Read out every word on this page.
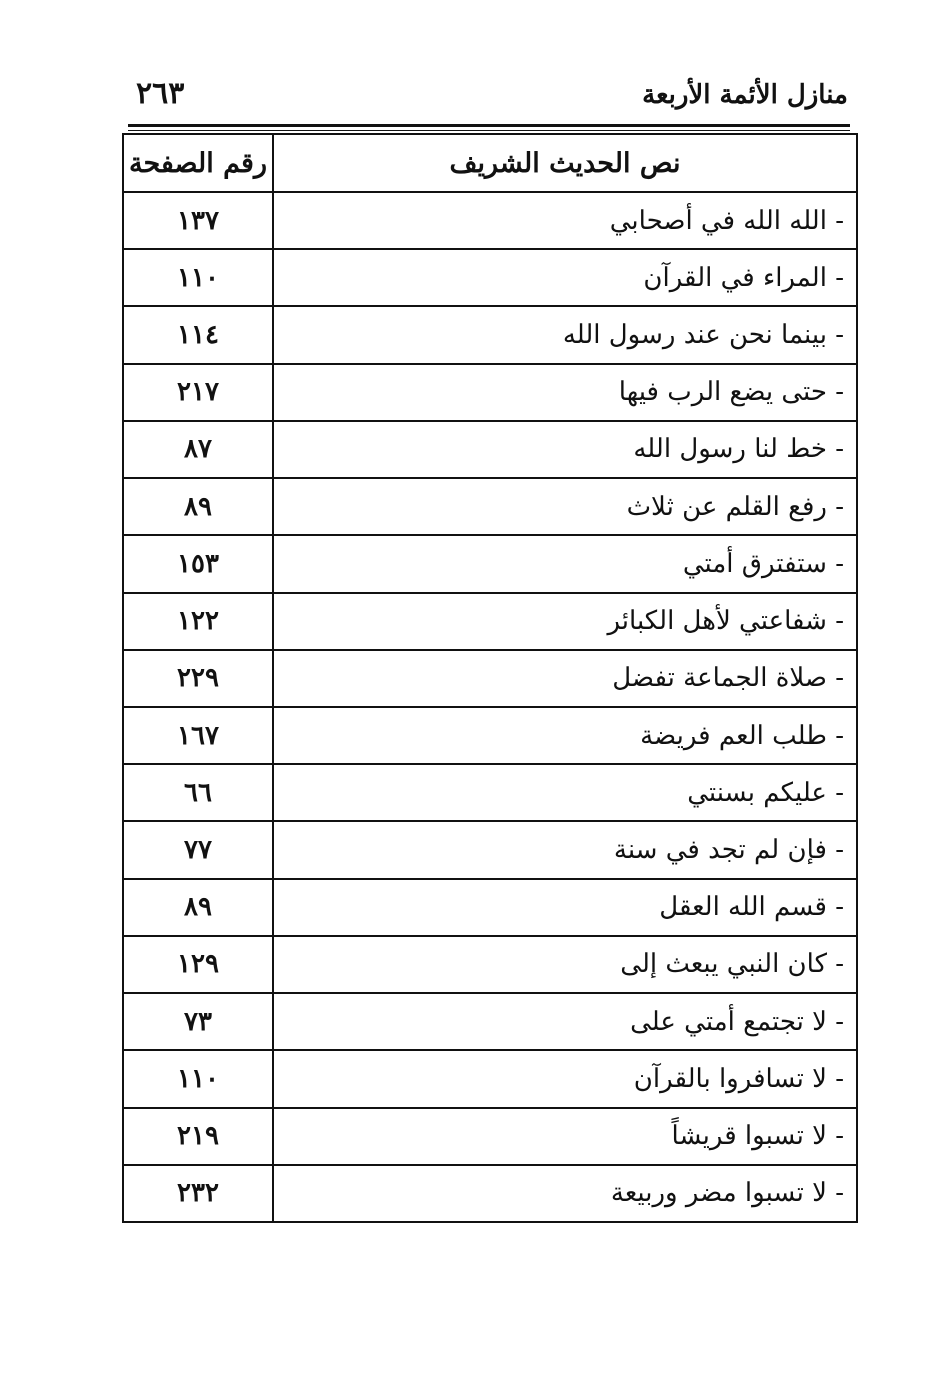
منازل الأئمة الأربعة
٢٦٣
نص الحديث الشريف	رقم الصفحة
- الله الله في أصحابي	١٣٧
- المراء في القرآن	١١٠
- بينما نحن عند رسول الله	١١٤
- حتى يضع الرب فيها	٢١٧
- خط لنا رسول الله	٨٧
- رفع القلم عن ثلاث	٨٩
- ستفترق أمتي	١٥٣
- شفاعتي لأهل الكبائر	١٢٢
- صلاة الجماعة تفضل	٢٢٩
- طلب العم فريضة	١٦٧
- عليكم بسنتي	٦٦
- فإن لم تجد في سنة	٧٧
- قسم الله العقل	٨٩
- كان النبي يبعث إلى	١٢٩
- لا تجتمع أمتي على	٧٣
- لا تسافروا بالقرآن	١١٠
- لا تسبوا قريشاً	٢١٩
- لا تسبوا مضر وربيعة	٢٣٢
